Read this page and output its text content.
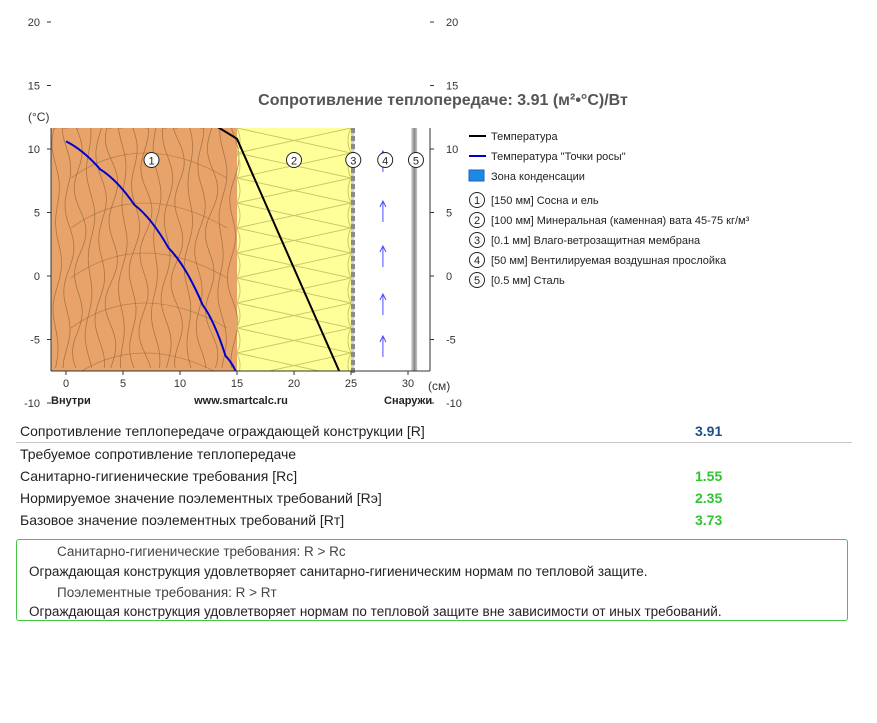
Сопротивление теплопередаче: 3.91 (м²•°С)/Вт
(°С)
(см)
1	2	3 4 5
0	5	10	15	20	25	30
20	20
15	15
10	10
5	5
0	0
-5	-5
-10	-10
Внутри	www.smartcalc.ru	Снаружи
Температура
Температура "Точки росы"
Зона конденсации
1 [150 мм] Сосна и ель
2 [100 мм] Минеральная (каменная) вата 45-75 кг/м³
3 [0.1 мм] Влаго-ветрозащитная мембрана
4 [50 мм] Вентилируемая воздушная прослойка
5 [0.5 мм] Сталь
Сопротивление теплопередаче ограждающей конструкции [R]	3.91
Требуемое сопротивление теплопередаче
Санитарно-гигиенические требования [Rс]	1.55
Нормируемое значение поэлементных требований [Rэ]	2.35
Базовое значение поэлементных требований [Rт]	3.73
Санитарно-гигиенические требования: R > Rс
Ограждающая конструкция удовлетворяет санитарно-гигиеническим нормам по тепловой защите.
Поэлементные требования: R > Rт
Ограждающая конструкция удовлетворяет нормам по тепловой защите вне зависимости от иных требований.
